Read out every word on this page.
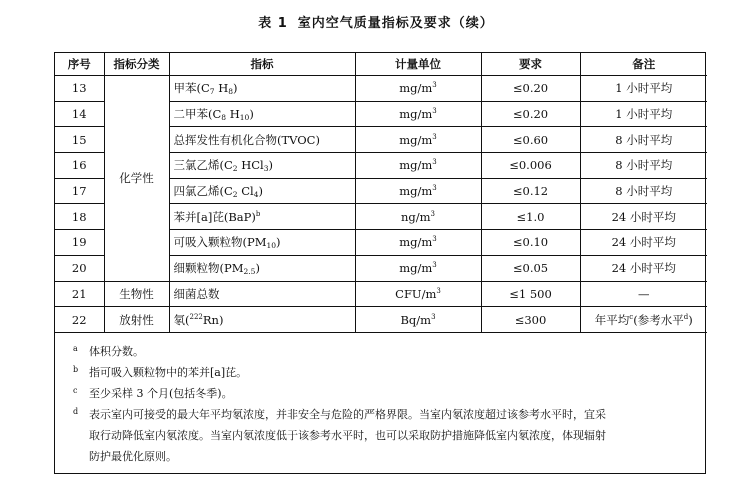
表 1 室内空气质量指标及要求（续）
序号	指标分类	指标	计量单位	要求	备注
13	化学性	甲苯($C_7$ $H_8$)	$mg/m^3$	≤0.20	1 小时平均
14		二甲苯($C_8$ $H_{10}$)	$mg/m^3$	≤0.20	1 小时平均
15		总挥发性有机化合物(TVOC)	$mg/m^3$	≤0.60	8 小时平均
16		三氯乙烯($C_2$ HCl$_3$)	$mg/m^3$	≤0.006	8 小时平均
17		四氯乙烯($C_2$ $Cl_4$)	$mg/m^3$	≤0.12	8 小时平均
18		苯并[a]芘(BaP)$^b$	$ng/m^3$	≤1.0	24 小时平均
19		可吸入颗粒物$(PM_{10})$	$mg/m^3$	≤0.10	24 小时平均
20		细颗粒物$(PM_{2.5})$	$mg/m^3$	≤0.05	24 小时平均
21	生物性	细菌总数	CFU/$m^3$	≤1 500	—
22	放射性	氡($^{222}$Rn)	$Bq/m^3$	≤300	年平均$^c$(参考水平$^d$)
a 体积分数。

b 指可吸入颗粒物中的苯并[a]芘。

c 至少采样 3 个月(包括冬季)。

d 表示室内可接受的最大年平均氡浓度，并非安全与危险的严格界限。当室内氡浓度超过该参考水平时，宜采

取行动降低室内氡浓度。当室内氡浓度低于该参考水平时，也可以采取防护措施降低室内氡浓度，体现辐射

防护最优化原则。
